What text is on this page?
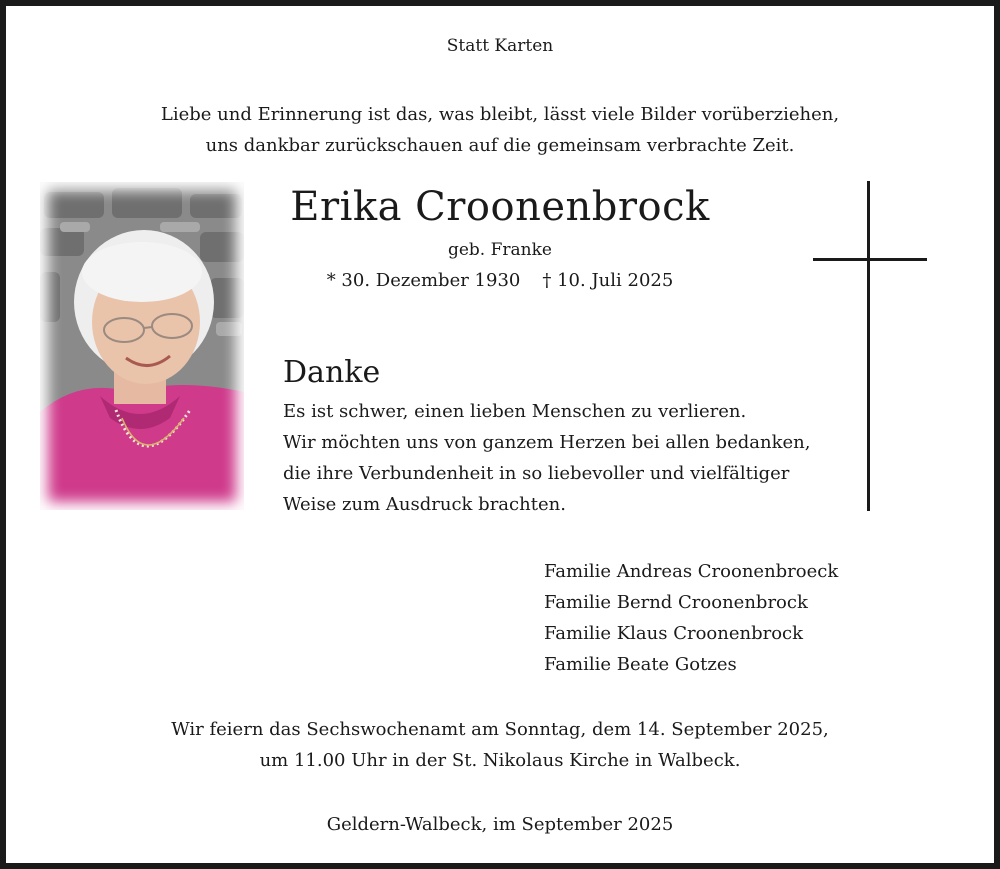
Statt Karten
Liebe und Erinnerung ist das, was bleibt, lässt viele Bilder vorüberziehen,
uns dankbar zurückschauen auf die gemeinsam verbrachte Zeit.
Erika Croonenbrock
geb. Franke
* 30. Dezember 1930 † 10. Juli 2025
Danke
Es ist schwer, einen lieben Menschen zu verlieren.
Wir möchten uns von ganzem Herzen bei allen bedanken,
die ihre Verbundenheit in so liebevoller und vielfältiger
Weise zum Ausdruck brachten.
Familie Andreas Croonenbroeck
Familie Bernd Croonenbrock
Familie Klaus Croonenbrock
Familie Beate Gotzes
Wir feiern das Sechswochenamt am Sonntag, dem 14. September 2025,
um 11.00 Uhr in der St. Nikolaus Kirche in Walbeck.
Geldern-Walbeck, im September 2025
